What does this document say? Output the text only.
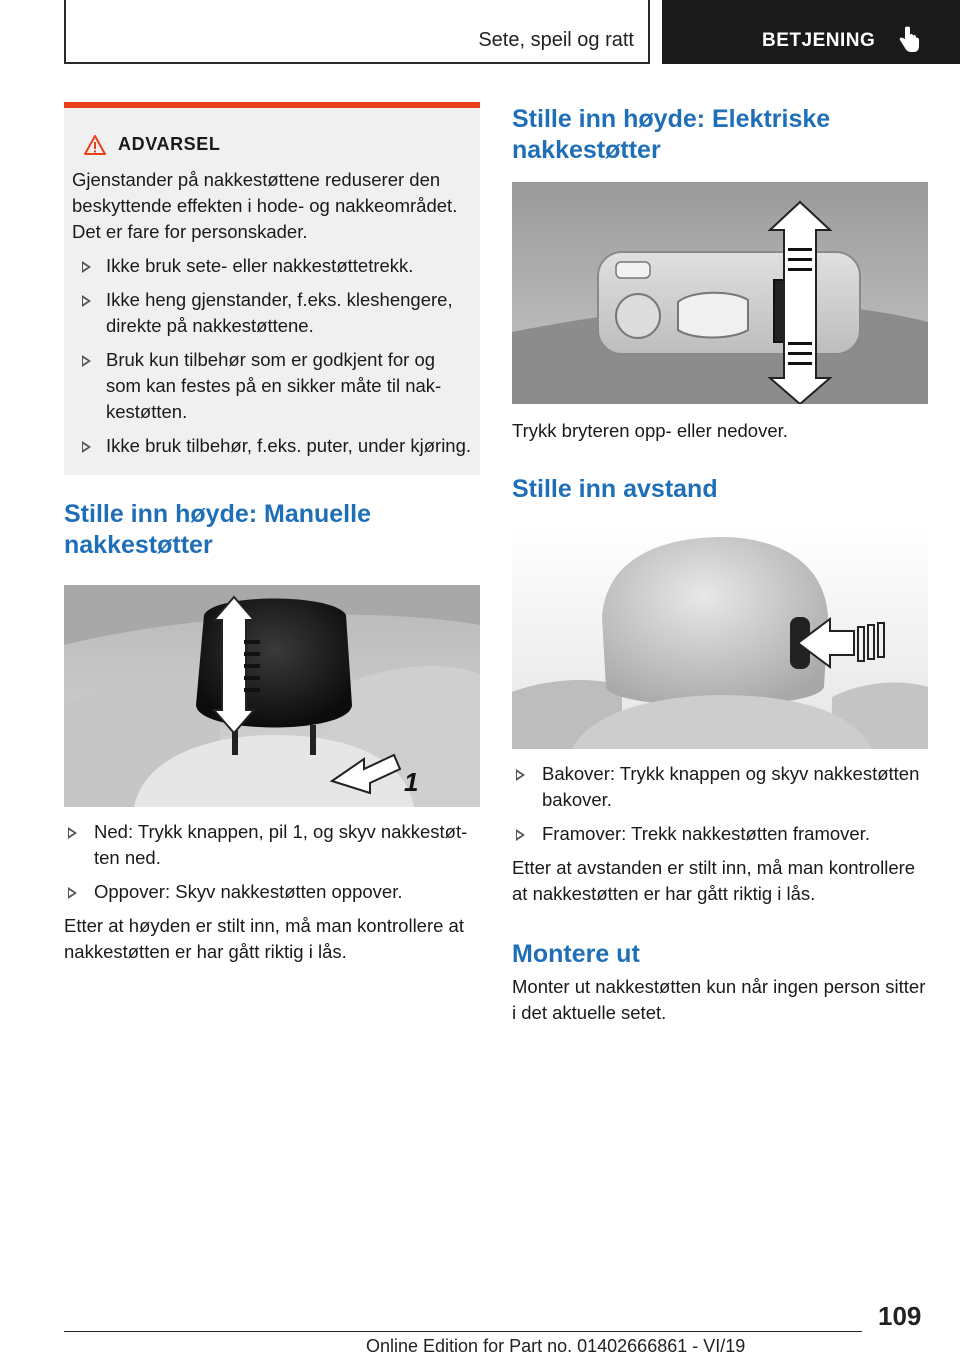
Sete, speil og ratt	BETJENING
ADVARSEL

Gjenstander på nakkestøttene reduserer den beskyttende effekten i hode- og nakkeområdet. Det er fare for personskader.

Ikke bruk sete- eller nakkestøttetrekk.
Ikke heng gjenstander, f.eks. kleshengere, direkte på nakkestøttene.
Bruk kun tilbehør som er godkjent for og som kan festes på en sikker måte til nakkestøtten.
Ikke bruk tilbehør, f.eks. puter, under kjøring.
Stille inn høyde: Manuelle nakkestøtter
1
Ned: Trykk knappen, pil 1, og skyv nakkestøtten ned.
Oppover: Skyv nakkestøtten oppover.

Etter at høyden er stilt inn, må man kontrollere at nakkestøtten er har gått riktig i lås.

Stille inn høyde: Elektriske nakkestøtter

Trykk bryteren opp- eller nedover.

Stille inn avstand
Bakover: Trykk knappen og skyv nakkestøtten bakover.
Framover: Trekk nakkestøtten framover.

Etter at avstanden er stilt inn, må man kontrollere at nakkestøtten er har gått riktig i lås.

Montere ut

Monter ut nakkestøtten kun når ingen person sitter i det aktuelle setet.

109
Online Edition for Part no. 01402666861 - VI/19
